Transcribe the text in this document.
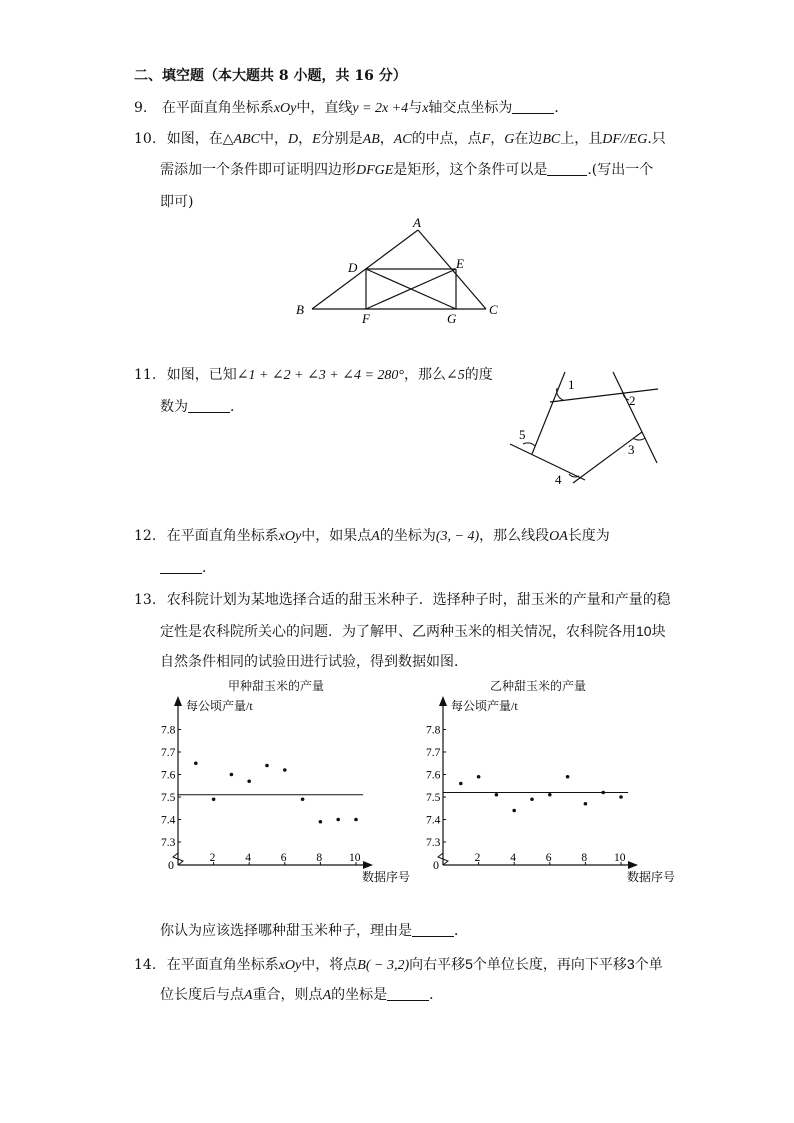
二、填空题（本大题共 8 小题，共 16 分）
9. 在平面直角坐标系xOy中，直线y = 2x +4与x轴交点坐标为	．
10. 如图，在△ABC中，D，E分别是AB，AC的中点，点F，G在边BC上，且DF//EG.只
需添加一个条件即可证明四边形DFGE是矩形，这个条件可以是	.(写出一个
即可)
A
B	C
D	E
F	G
11. 如图，已知∠1 + ∠2 + ∠3 + ∠4 = 280°，那么∠5的度
数为	．
1
2
3
4
5
12. 在平面直角坐标系xOy中，如果点A的坐标为(3, − 4)，那么线段OA长度为
．
13. 农科院计划为某地选择合适的甜玉米种子．选择种子时，甜玉米的产量和产量的稳
定性是农科院所关心的问题．为了解甲、乙两种玉米的相关情况，农科院各用10块
自然条件相同的试验田进行试验，得到数据如图．
甲种甜玉米的产量
0
7.3
7.4
7.5
7.6
7.7
7.8
2	4	6	8 10
每公顷产量/t
数据序号
乙种甜玉米的产量
0
7.3
7.4
7.5
7.6
7.7
7.8
2	4	6	8 10
每公顷产量/t
数据序号
你认为应该选择哪种甜玉米种子，理由是	．
14. 在平面直角坐标系xOy中，将点B( − 3,2)向右平移5个单位长度，再向下平移3个单
位长度后与点A重合，则点A的坐标是	．
